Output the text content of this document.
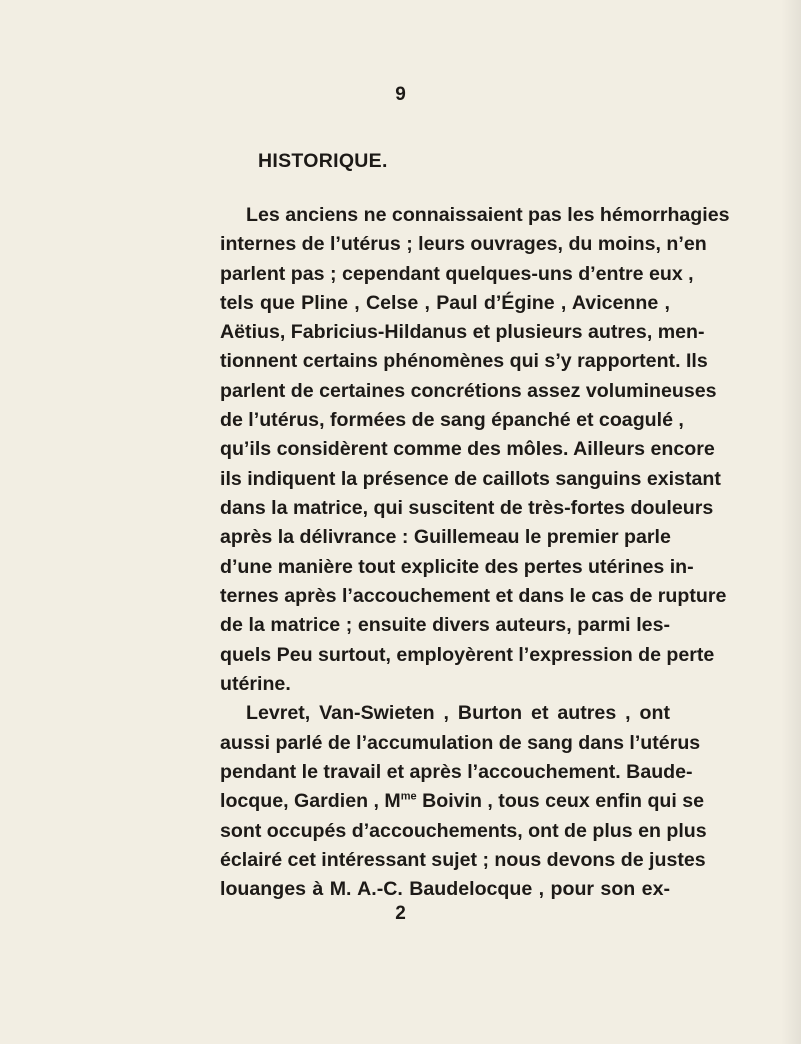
9
HISTORIQUE.
Les anciens ne connaissaient pas les hémorrhagies
internes de l’utérus ; leurs ouvrages, du moins, n’en
parlent pas ; cependant quelques-uns d’entre eux ,
tels que Pline , Celse , Paul d’Égine , Avicenne ,
Aëtius, Fabricius-Hildanus et plusieurs autres, men-
tionnent certains phénomènes qui s’y rapportent. Ils
parlent de certaines concrétions assez volumineuses
de l’utérus, formées de sang épanché et coagulé ,
qu’ils considèrent comme des môles. Ailleurs encore
ils indiquent la présence de caillots sanguins existant
dans la matrice, qui suscitent de très-fortes douleurs
après la délivrance : Guillemeau le premier parle
d’une manière tout explicite des pertes utérines in-
ternes après l’accouchement et dans le cas de rupture
de la matrice ; ensuite divers auteurs, parmi les-
quels Peu surtout, employèrent l’expression de perte
utérine.
Levret, Van-Swieten , Burton et autres , ont
aussi parlé de l’accumulation de sang dans l’utérus
pendant le travail et après l’accouchement. Baude-
locque, Gardien , $M^{me}$ Boivin , tous ceux enfin qui se
sont occupés d’accouchements, ont de plus en plus
éclairé cet intéressant sujet ; nous devons de justes
louanges à M. A.-C. Baudelocque , pour son ex-
2
